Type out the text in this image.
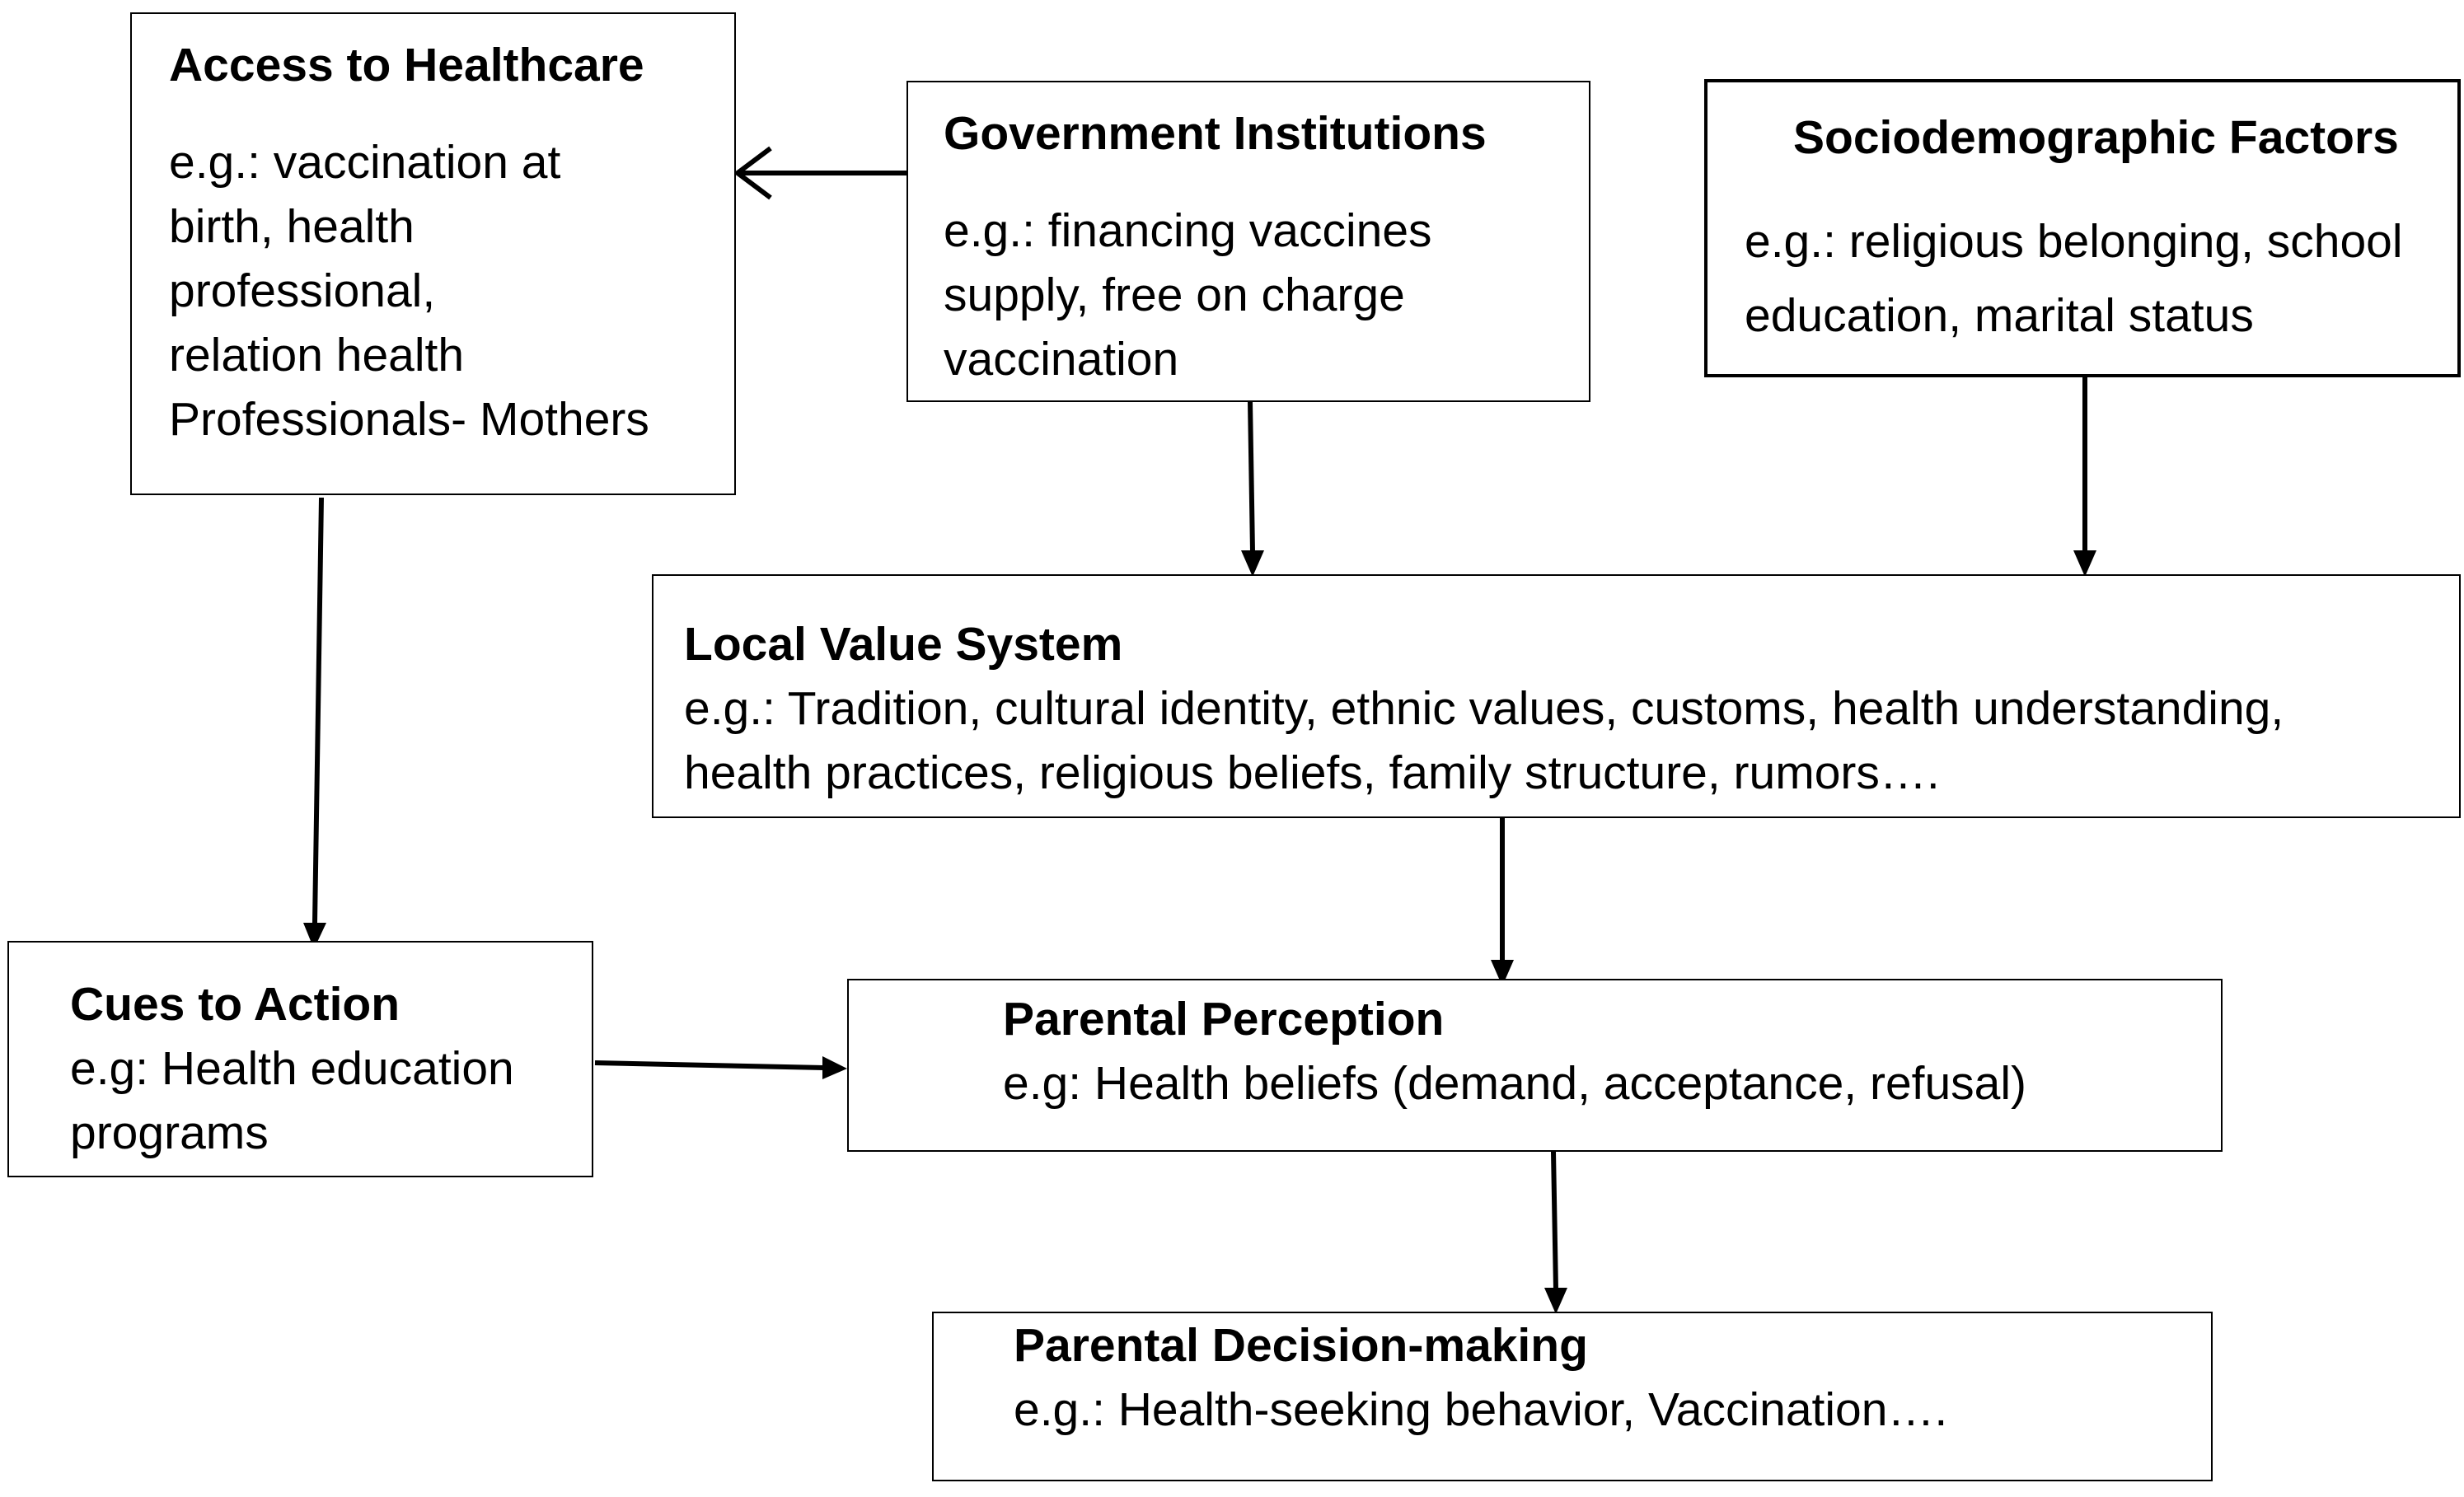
Access to Healthcare
e.g.: vaccination at
birth, health
professional,
relation health
Professionals- Mothers
Government Institutions
e.g.: financing vaccines
supply, free on charge
vaccination
Sociodemographic Factors
e.g.: religious belonging, school
education, marital status
Local Value System
e.g.: Tradition, cultural identity, ethnic values, customs, health understanding,
health practices, religious beliefs, family structure, rumors….
Cues to Action
e.g: Health education
programs
Parental Perception
e.g: Health beliefs (demand, acceptance, refusal)
Parental Decision-making
e.g.: Health-seeking behavior, Vaccination….
